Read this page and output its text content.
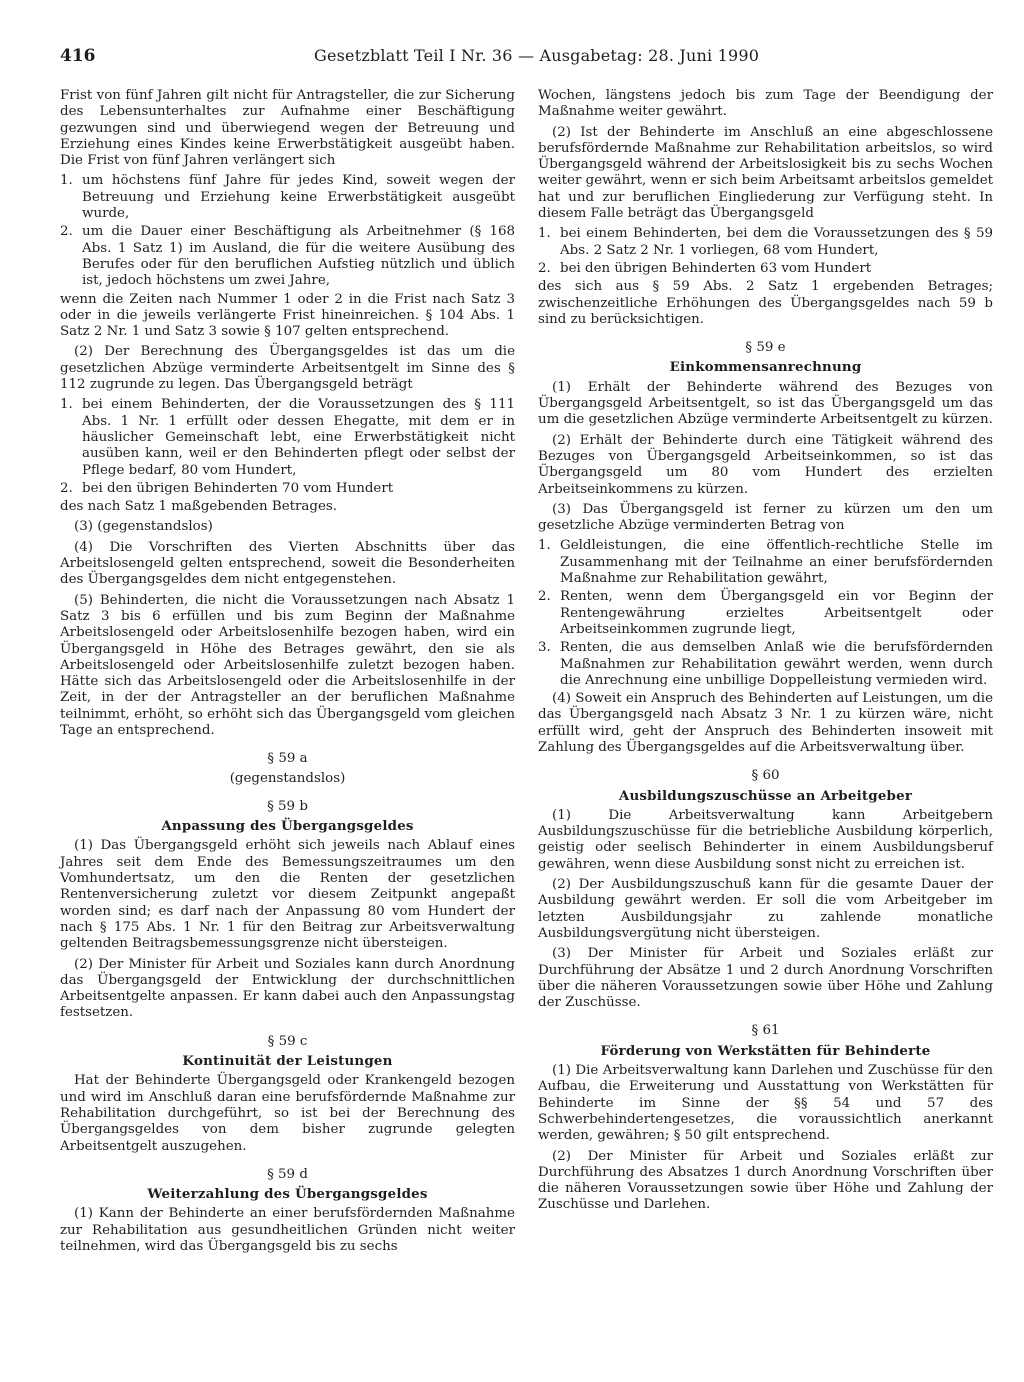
416	Gesetzblatt Teil I Nr. 36 — Ausgabetag: 28. Juni 1990

Frist von fünf Jahren gilt nicht für Antragsteller, die zur Sicherung des Lebensunterhaltes zur Aufnahme einer Beschäftigung gezwungen sind und überwiegend wegen der Betreuung und Erziehung eines Kindes keine Erwerbstätigkeit ausgeübt haben. Die Frist von fünf Jahren verlängert sich

1. um höchstens fünf Jahre für jedes Kind, soweit wegen der Betreuung und Erziehung keine Erwerbstätigkeit ausgeübt wurde,
2. um die Dauer einer Beschäftigung als Arbeitnehmer (§ 168 Abs. 1 Satz 1) im Ausland, die für die weitere Ausübung des Berufes oder für den beruflichen Aufstieg nützlich und üblich ist, jedoch höchstens um zwei Jahre,

wenn die Zeiten nach Nummer 1 oder 2 in die Frist nach Satz 3 oder in die jeweils verlängerte Frist hineinreichen. § 104 Abs. 1 Satz 2 Nr. 1 und Satz 3 sowie § 107 gelten entsprechend.

(2) Der Berechnung des Übergangsgeldes ist das um die gesetzlichen Abzüge verminderte Arbeitsentgelt im Sinne des § 112 zugrunde zu legen. Das Übergangsgeld beträgt

1. bei einem Behinderten, der die Voraussetzungen des § 111 Abs. 1 Nr. 1 erfüllt oder dessen Ehegatte, mit dem er in häuslicher Gemeinschaft lebt, eine Erwerbstätigkeit nicht ausüben kann, weil er den Behinderten pflegt oder selbst der Pflege bedarf, 80 vom Hundert,
2. bei den übrigen Behinderten 70 vom Hundert

des nach Satz 1 maßgebenden Betrages.

(3) (gegenstandslos)

(4) Die Vorschriften des Vierten Abschnitts über das Arbeitslosengeld gelten entsprechend, soweit die Besonderheiten des Übergangsgeldes dem nicht entgegenstehen.

(5) Behinderten, die nicht die Voraussetzungen nach Absatz 1 Satz 3 bis 6 erfüllen und bis zum Beginn der Maßnahme Arbeitslosengeld oder Arbeitslosenhilfe bezogen haben, wird ein Übergangsgeld in Höhe des Betrages gewährt, den sie als Arbeitslosengeld oder Arbeitslosenhilfe zuletzt bezogen haben. Hätte sich das Arbeitslosengeld oder die Arbeitslosenhilfe in der Zeit, in der der Antragsteller an der beruflichen Maßnahme teilnimmt, erhöht, so erhöht sich das Übergangsgeld vom gleichen Tage an entsprechend.

§ 59 a
(gegenstandslos)
§ 59 b
Anpassung des Übergangsgeldes

(1) Das Übergangsgeld erhöht sich jeweils nach Ablauf eines Jahres seit dem Ende des Bemessungszeitraumes um den Vomhundertsatz, um den die Renten der gesetzlichen Rentenversicherung zuletzt vor diesem Zeitpunkt angepaßt worden sind; es darf nach der Anpassung 80 vom Hundert der nach § 175 Abs. 1 Nr. 1 für den Beitrag zur Arbeitsverwaltung geltenden Beitragsbemessungsgrenze nicht übersteigen.

(2) Der Minister für Arbeit und Soziales kann durch Anordnung das Übergangsgeld der Entwicklung der durchschnittlichen Arbeitsentgelte anpassen. Er kann dabei auch den Anpassungstag festsetzen.

§ 59 c
Kontinuität der Leistungen

Hat der Behinderte Übergangsgeld oder Krankengeld bezogen und wird im Anschluß daran eine berufsfördernde Maßnahme zur Rehabilitation durchgeführt, so ist bei der Berechnung des Übergangsgeldes von dem bisher zugrunde gelegten Arbeitsentgelt auszugehen.

§ 59 d
Weiterzahlung des Übergangsgeldes

(1) Kann der Behinderte an einer berufsfördernden Maßnahme zur Rehabilitation aus gesundheitlichen Gründen nicht weiter teilnehmen, wird das Übergangsgeld bis zu sechs

Wochen, längstens jedoch bis zum Tage der Beendigung der Maßnahme weiter gewährt.

(2) Ist der Behinderte im Anschluß an eine abgeschlossene berufsfördernde Maßnahme zur Rehabilitation arbeitslos, so wird Übergangsgeld während der Arbeitslosigkeit bis zu sechs Wochen weiter gewährt, wenn er sich beim Arbeitsamt arbeitslos gemeldet hat und zur beruflichen Eingliederung zur Verfügung steht. In diesem Falle beträgt das Übergangsgeld

1. bei einem Behinderten, bei dem die Voraussetzungen des § 59 Abs. 2 Satz 2 Nr. 1 vorliegen, 68 vom Hundert,
2. bei den übrigen Behinderten 63 vom Hundert

des sich aus § 59 Abs. 2 Satz 1 ergebenden Betrages; zwischenzeitliche Erhöhungen des Übergangsgeldes nach 59 b sind zu berücksichtigen.

§ 59 e
Einkommensanrechnung

(1) Erhält der Behinderte während des Bezuges von Übergangsgeld Arbeitsentgelt, so ist das Übergangsgeld um das um die gesetzlichen Abzüge verminderte Arbeitsentgelt zu kürzen.

(2) Erhält der Behinderte durch eine Tätigkeit während des Bezuges von Übergangsgeld Arbeitseinkommen, so ist das Übergangsgeld um 80 vom Hundert des erzielten Arbeitseinkommens zu kürzen.

(3) Das Übergangsgeld ist ferner zu kürzen um den um gesetzliche Abzüge verminderten Betrag von

1. Geldleistungen, die eine öffentlich-rechtliche Stelle im Zusammenhang mit der Teilnahme an einer berufsfördernden Maßnahme zur Rehabilitation gewährt,
2. Renten, wenn dem Übergangsgeld ein vor Beginn der Rentengewährung erzieltes Arbeitsentgelt oder Arbeitseinkommen zugrunde liegt,
3. Renten, die aus demselben Anlaß wie die berufsfördernden Maßnahmen zur Rehabilitation gewährt werden, wenn durch die Anrechnung eine unbillige Doppelleistung vermieden wird.

(4) Soweit ein Anspruch des Behinderten auf Leistungen, um die das Übergangsgeld nach Absatz 3 Nr. 1 zu kürzen wäre, nicht erfüllt wird, geht der Anspruch des Behinderten insoweit mit Zahlung des Übergangsgeldes auf die Arbeitsverwaltung über.

§ 60
Ausbildungszuschüsse an Arbeitgeber

(1) Die Arbeitsverwaltung kann Arbeitgebern Ausbildungszuschüsse für die betriebliche Ausbildung körperlich, geistig oder seelisch Behinderter in einem Ausbildungsberuf gewähren, wenn diese Ausbildung sonst nicht zu erreichen ist.

(2) Der Ausbildungszuschuß kann für die gesamte Dauer der Ausbildung gewährt werden. Er soll die vom Arbeitgeber im letzten Ausbildungsjahr zu zahlende monatliche Ausbildungsvergütung nicht übersteigen.

(3) Der Minister für Arbeit und Soziales erläßt zur Durchführung der Absätze 1 und 2 durch Anordnung Vorschriften über die näheren Voraussetzungen sowie über Höhe und Zahlung der Zuschüsse.

§ 61
Förderung von Werkstätten für Behinderte

(1) Die Arbeitsverwaltung kann Darlehen und Zuschüsse für den Aufbau, die Erweiterung und Ausstattung von Werkstätten für Behinderte im Sinne der §§ 54 und 57 des Schwerbehindertengesetzes, die voraussichtlich anerkannt werden, gewähren; § 50 gilt entsprechend.

(2) Der Minister für Arbeit und Soziales erläßt zur Durchführung des Absatzes 1 durch Anordnung Vorschriften über die näheren Voraussetzungen sowie über Höhe und Zahlung der Zuschüsse und Darlehen.
